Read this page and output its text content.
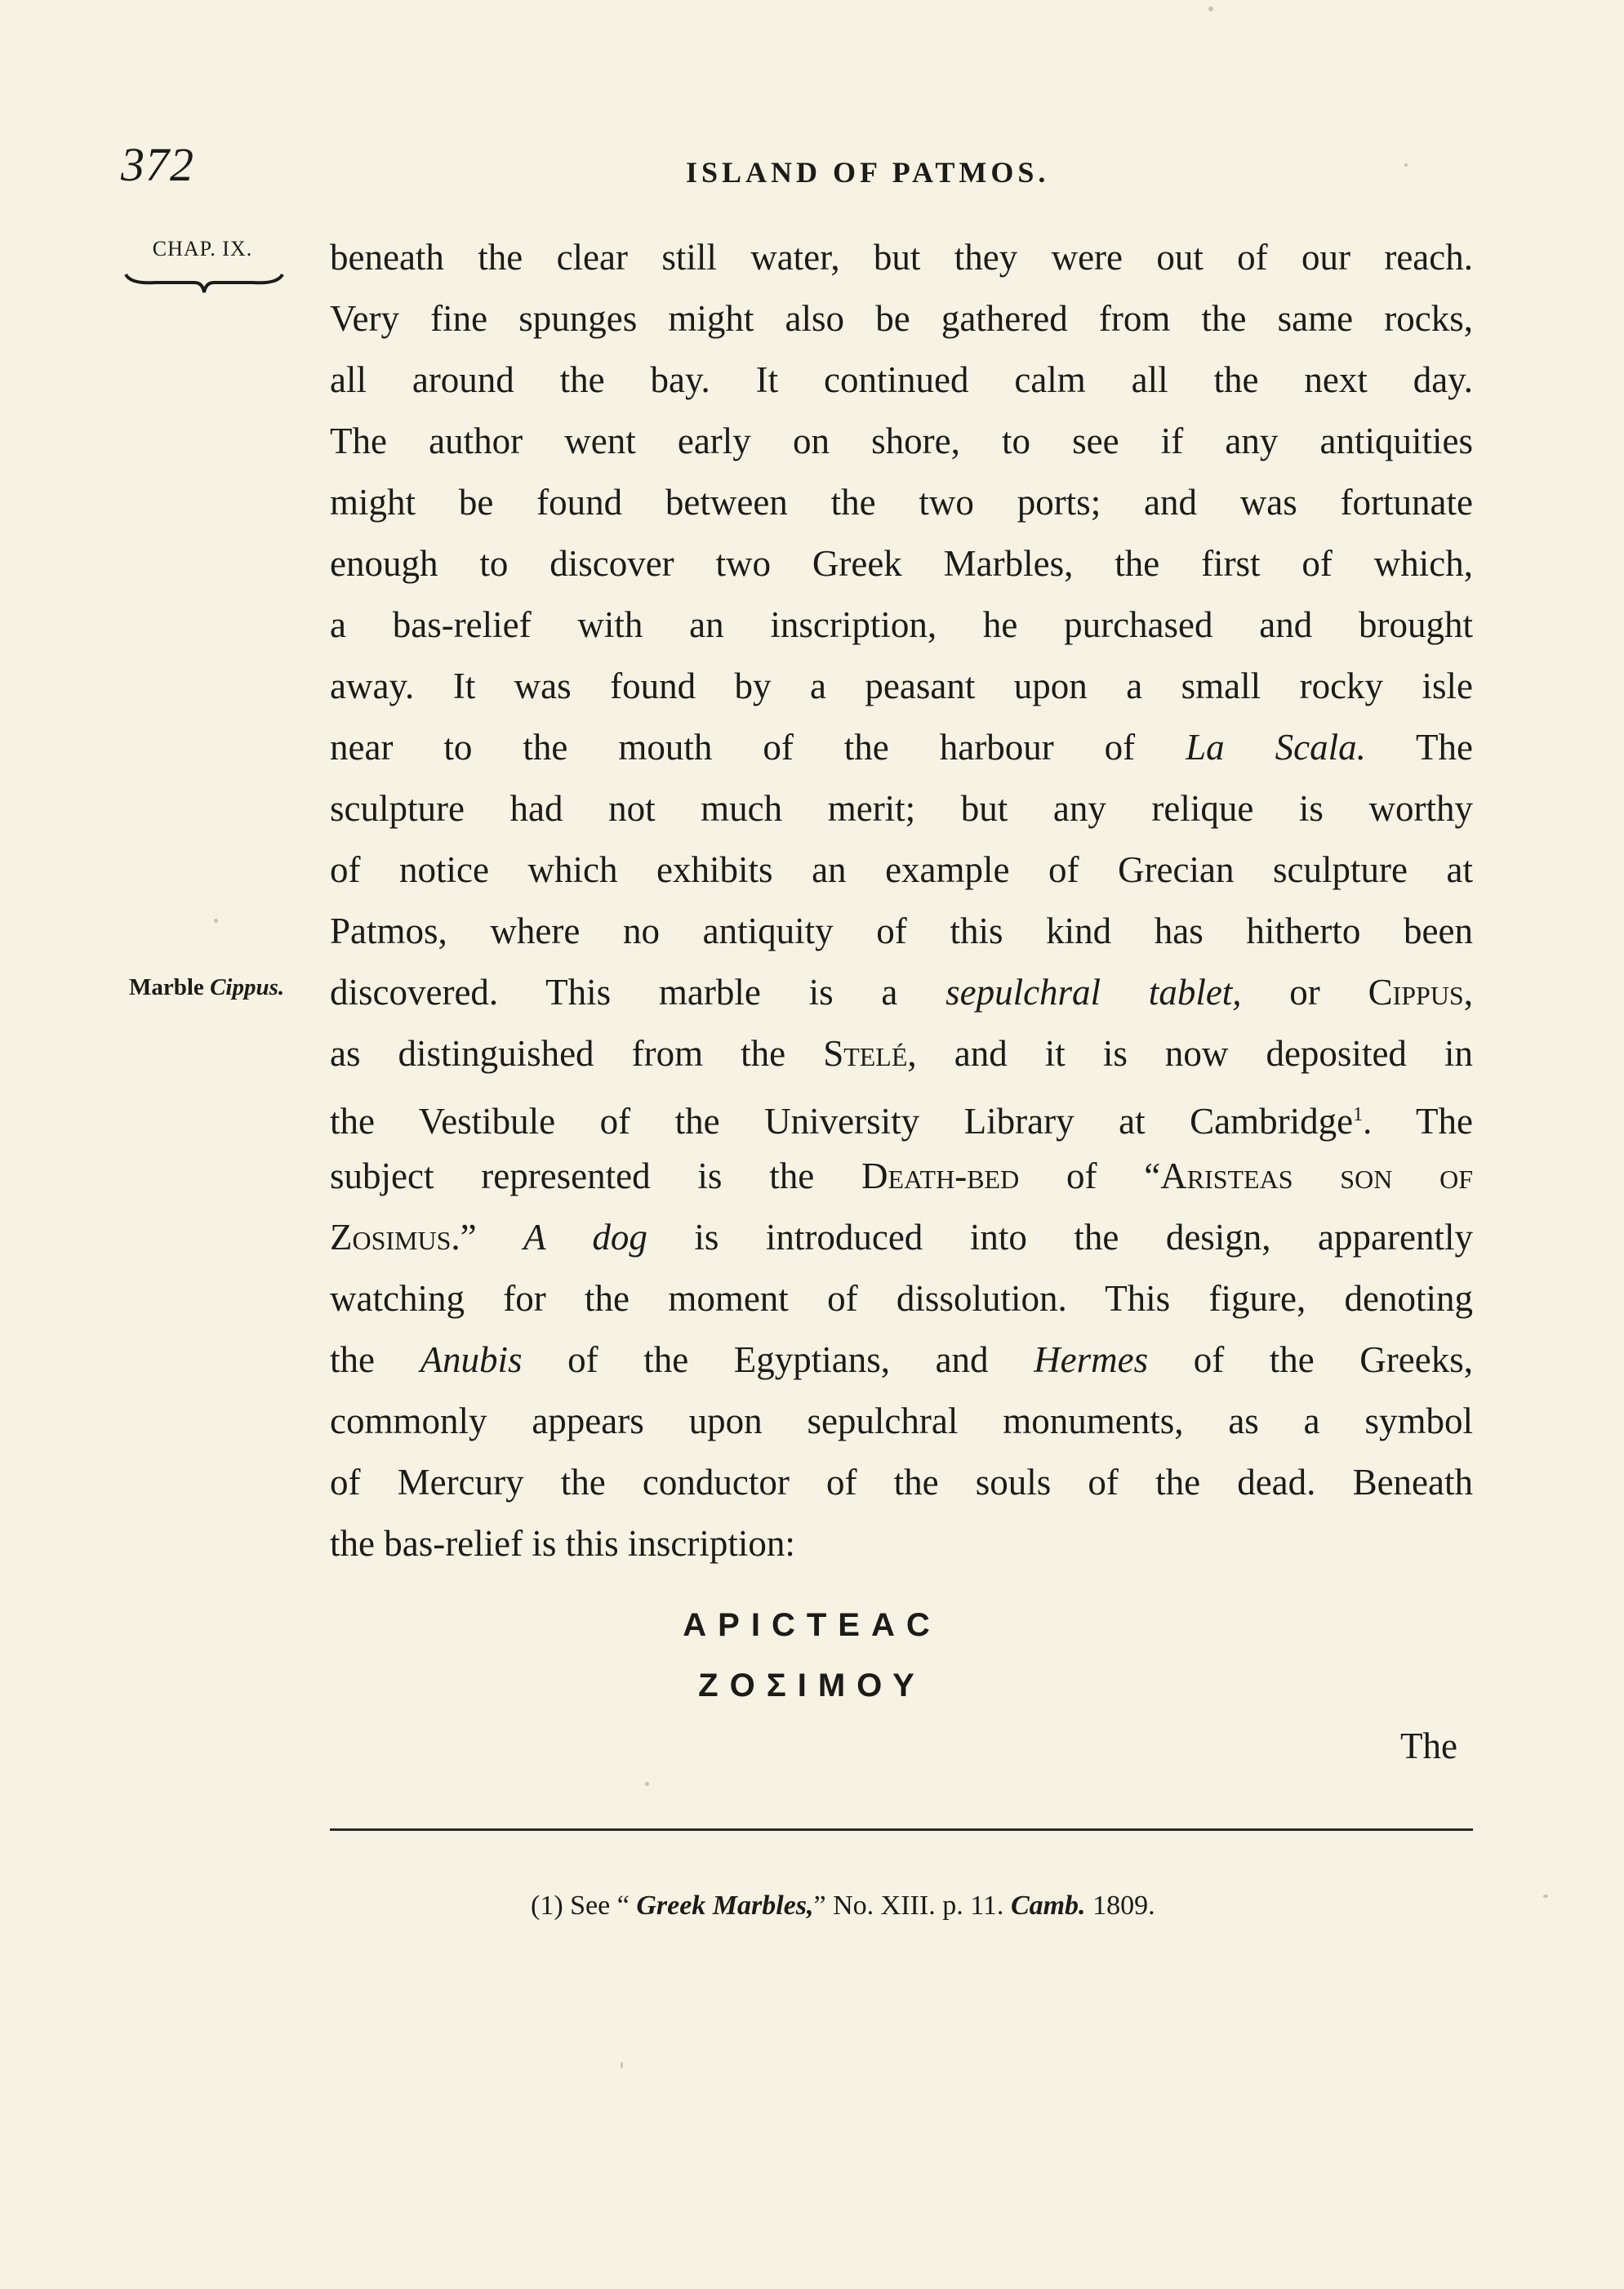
372	ISLAND OF PATMOS.
CHAP. IX.
Marble Cippus.
beneath the clear still water, but they were out of our reach.
Very fine spunges might also be gathered from the same rocks,
all around the bay. It continued calm all the next day.
The author went early on shore, to see if any antiquities
might be found between the two ports; and was fortunate
enough to discover two Greek Marbles, the first of which,
a bas-relief with an inscription, he purchased and brought
away. It was found by a peasant upon a small rocky isle
near to the mouth of the harbour of La Scala. The
sculpture had not much merit; but any relique is worthy
of notice which exhibits an example of Grecian sculpture at
Patmos, where no antiquity of this kind has hitherto been
discovered. This marble is a sepulchral tablet, or Cippus,
as distinguished from the Stelé, and it is now deposited in
the Vestibule of the University Library at Cambridge$^1$. The
subject represented is the Death-bed of “Aristeas son of
Zosimus.” A dog is introduced into the design, apparently
watching for the moment of dissolution. This figure, denoting
the Anubis of the Egyptians, and Hermes of the Greeks,
commonly appears upon sepulchral monuments, as a symbol
of Mercury the conductor of the souls of the dead. Beneath
the bas-relief is this inscription:
ΑΡΙCΤΕΑC
ΖΟΣΙΜΟΥ
The
(1) See “ Greek Marbles,” No. XIII. p. 11. Camb. 1809.
